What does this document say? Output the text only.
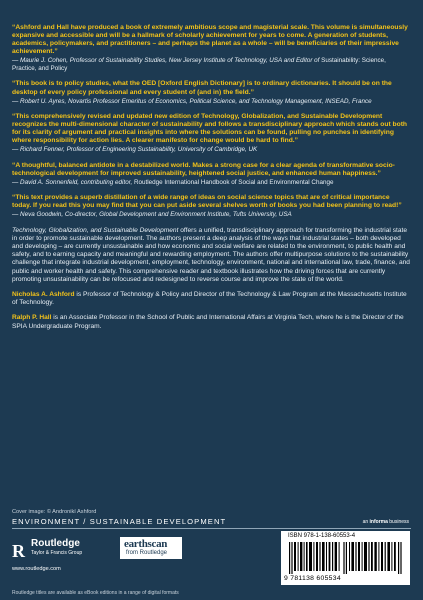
“Ashford and Hall have produced a book of extremely ambitious scope and magisterial scale. This volume is simultaneously expansive and accessible and will be a hallmark of scholarly achievement for years to come. A generation of students, academics, policymakers, and practitioners – and perhaps the planet as a whole – will be beneficiaries of their impressive achievement.”

— Maurie J. Cohen, Professor of Sustainability Studies, New Jersey Institute of Technology, USA and Editor of Sustainability: Science, Practice, and Policy

“This book is to policy studies, what the OED [Oxford English Dictionary] is to ordinary dictionaries. It should be on the desktop of every policy professional and every student of (and in) the field.”

— Robert U. Ayres, Novartis Professor Emeritus of Economics, Political Science, and Technology Management, INSEAD, France

“This comprehensively revised and updated new edition of Technology, Globalization, and Sustainable Development recognizes the multi-dimensional character of sustainability and follows a transdisciplinary approach which stands out both for its clarity of argument and practical insights into where the solutions can be found, pulling no punches in identifying where responsibility for action lies. A clearer manifesto for change would be hard to find.”

— Richard Fenner, Professor of Engineering Sustainability, University of Cambridge, UK

“A thoughtful, balanced antidote in a destabilized world. Makes a strong case for a clear agenda of transformative socio-technological development for improved sustainability, heightened social justice, and enhanced human happiness.”

— David A. Sonnenfeld, contributing editor, Routledge International Handbook of Social and Environmental Change

“This text provides a superb distillation of a wide range of ideas on social science topics that are of critical importance today. If you read this you may find that you can put aside several shelves worth of books you had been planning to read!”

— Neva Goodwin, Co-director, Global Development and Environment Institute, Tufts University, USA

Technology, Globalization, and Sustainable Development offers a unified, transdisciplinary approach for transforming the industrial state in order to promote sustainable development. The authors present a deep analysis of the ways that industrial states – both developed and developing – are currently unsustainable and how economic and social welfare are related to the environment, to public health and safety, and to earning capacity and meaningful and rewarding employment. The authors offer multipurpose solutions to the sustainability challenge that integrate industrial development, employment, technology, environment, national and international law, trade, finance, and public and worker health and safety. This comprehensive reader and textbook illustrates how the driving forces that are currently promoting unsustainability can be refocused and redesigned to reverse course and improve the state of the world.

Nicholas A. Ashford is Professor of Technology & Policy and Director of the Technology & Law Program at the Massachusetts Institute of Technology.

Ralph P. Hall is an Associate Professor in the School of Public and International Affairs at Virginia Tech, where he is the Director of the SPIA Undergraduate Program.

Cover image: © Andronikí Ashford
ENVIRONMENT / SUSTAINABLE DEVELOPMENT	an informa business
R Routledge
Taylor & Francis Group
www.routledge.com
earthscan
from Routledge
ISBN 978-1-138-60553-4
9 781138 605534
Routledge titles are available as eBook editions in a range of digital formats
